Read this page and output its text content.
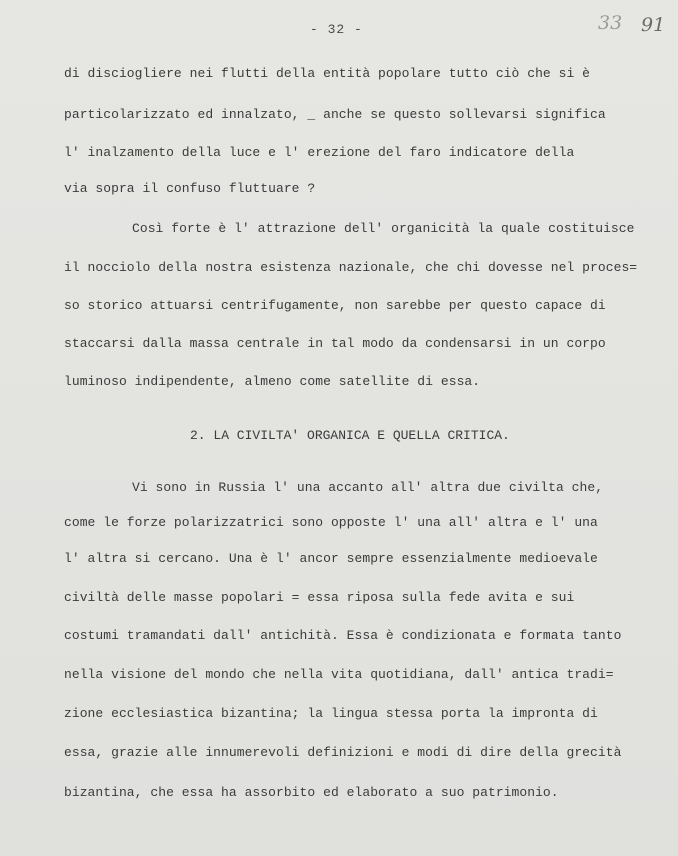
- 32 -	33 91
di disciogliere nei flutti della entità popolare tutto ciò che si è
particolarizzato ed innalzato, _ anche se questo sollevarsi significa
l' inalzamento della luce e l' erezione del faro indicatore della
via sopra il confuso fluttuare ?
Così forte è l' attrazione dell' organicità la quale costituisce
il nocciolo della nostra esistenza nazionale, che chi dovesse nel proces=
so storico attuarsi centrifugamente, non sarebbe per questo capace di
staccarsi dalla massa centrale in tal modo da condensarsi in un corpo
luminoso indipendente, almeno come satellite di essa.
2. LA CIVILTA' ORGANICA E QUELLA CRITICA.
Vi sono in Russia l' una accanto all' altra due civilta che,
come le forze polarizzatrici sono opposte l' una all' altra e l' una
l' altra si cercano. Una è l' ancor sempre essenzialmente medioevale
civiltà delle masse popolari = essa riposa sulla fede avita e sui
costumi tramandati dall' antichità. Essa è condizionata e formata tanto
nella visione del mondo che nella vita quotidiana, dall' antica tradi=
zione ecclesiastica bizantina; la lingua stessa porta la impronta di
essa, grazie alle innumerevoli definizioni e modi di dire della grecità
bizantina, che essa ha assorbito ed elaborato a suo patrimonio.
